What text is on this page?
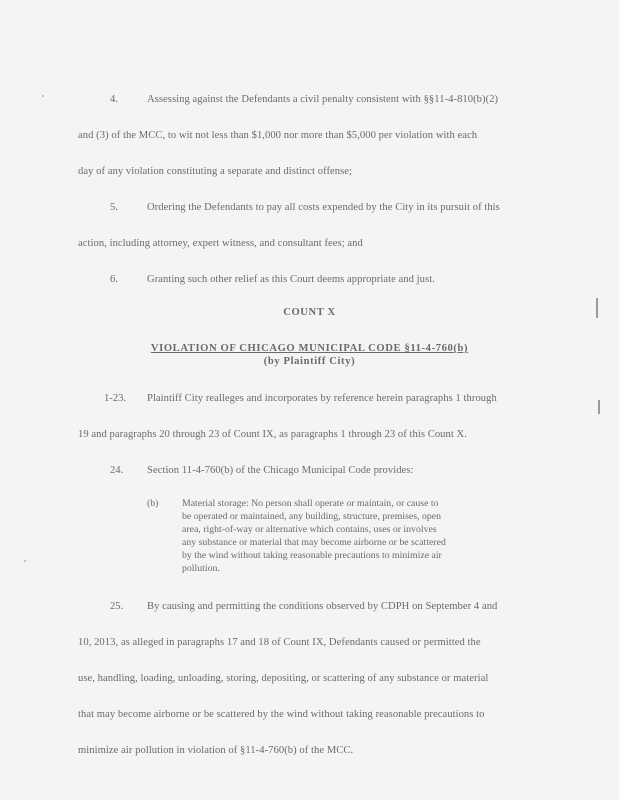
4.	Assessing against the Defendants a civil penalty consistent with §§11-4-810(b)(2)
and (3) of the MCC, to wit not less than $1,000 nor more than $5,000 per violation with each
day of any violation constituting a separate and distinct offense;
5.	Ordering the Defendants to pay all costs expended by the City in its pursuit of this
action, including attorney, expert witness, and consultant fees; and
6.	Granting such other relief as this Court deems appropriate and just.
COUNT X
VIOLATION OF CHICAGO MUNICIPAL CODE §11-4-760(b)
(by Plaintiff City)
1-23. Plaintiff City realleges and incorporates by reference herein paragraphs 1 through
19 and paragraphs 20 through 23 of Count IX, as paragraphs 1 through 23 of this Count X.
24. Section 11-4-760(b) of the Chicago Municipal Code provides:
(b) Material storage: No person shall operate or maintain, or cause to
be operated or maintained, any building, structure, premises, open
area, right-of-way or alternative which contains, uses or involves
any substance or material that may become airborne or be scattered
by the wind without taking reasonable precautions to minimize air
pollution.
25. By causing and permitting the conditions observed by CDPH on September 4 and
10, 2013, as alleged in paragraphs 17 and 18 of Count IX, Defendants caused or permitted the
use, handling, loading, unloading, storing, depositing, or scattering of any substance or material
that may become airborne or be scattered by the wind without taking reasonable precautions to
minimize air pollution in violation of §11-4-760(b) of the MCC.
